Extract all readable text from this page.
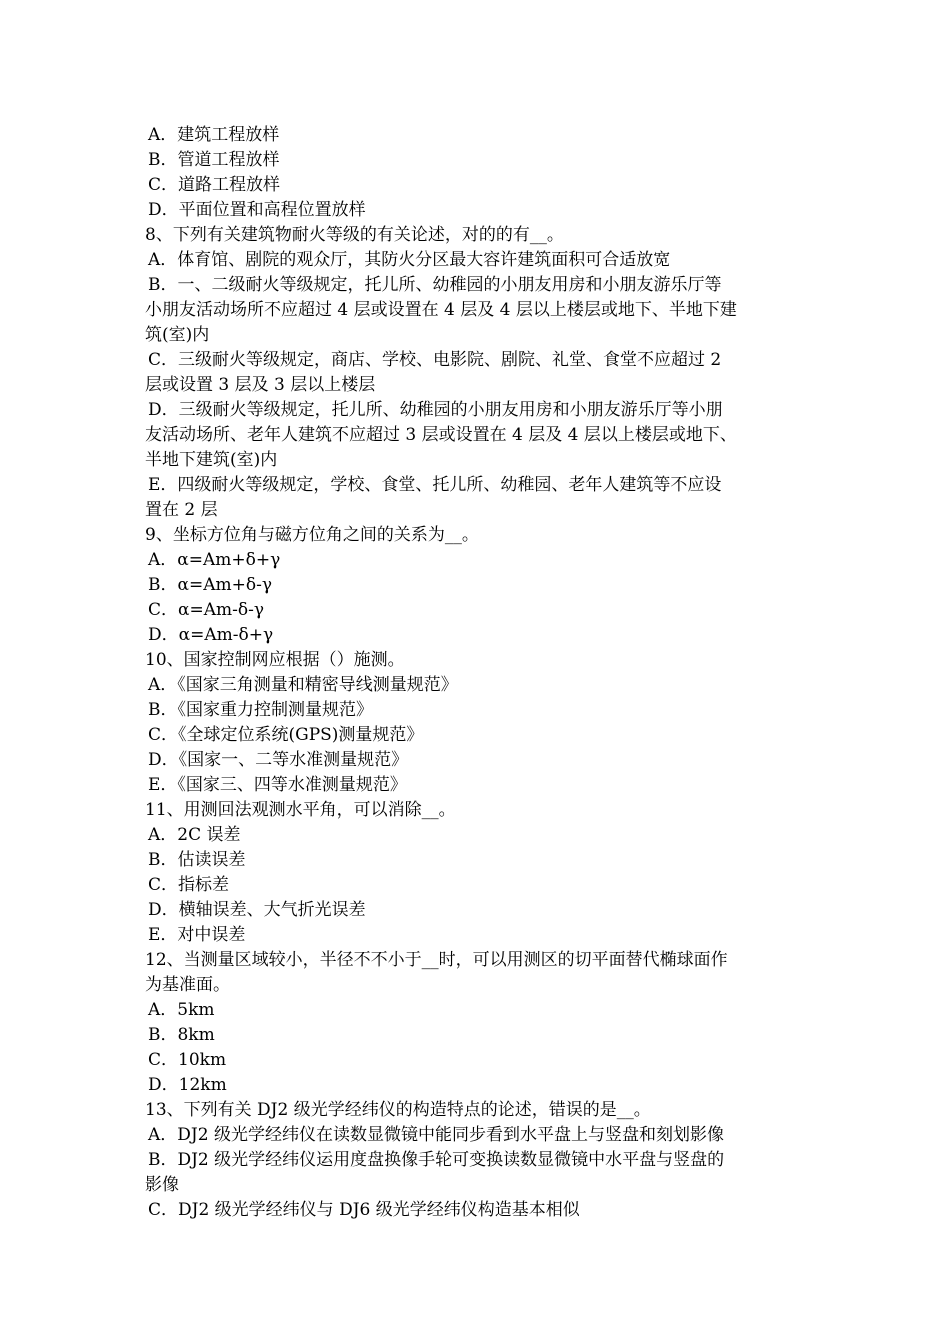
A．建筑工程放样
B．管道工程放样
C．道路工程放样
D．平面位置和高程位置放样
8、下列有关建筑物耐火等级的有关论述，对的的有__。
A．体育馆、剧院的观众厅，其防火分区最大容许建筑面积可合适放宽
B．一、二级耐火等级规定，托儿所、幼稚园的小朋友用房和小朋友游乐厅等
小朋友活动场所不应超过 4 层或设置在 4 层及 4 层以上楼层或地下、半地下建
筑(室)内
C．三级耐火等级规定，商店、学校、电影院、剧院、礼堂、食堂不应超过 2
层或设置 3 层及 3 层以上楼层
D．三级耐火等级规定，托儿所、幼稚园的小朋友用房和小朋友游乐厅等小朋
友活动场所、老年人建筑不应超过 3 层或设置在 4 层及 4 层以上楼层或地下、
半地下建筑(室)内
E．四级耐火等级规定，学校、食堂、托儿所、幼稚园、老年人建筑等不应设
置在 2 层
9、坐标方位角与磁方位角之间的关系为__。
A．α=Am+δ+γ
B．α=Am+δ-γ
C．α=Am-δ-γ
D．α=Am-δ+γ
10、国家控制网应根据（）施测。
A．《国家三角测量和精密导线测量规范》
B．《国家重力控制测量规范》
C．《全球定位系统(GPS)测量规范》
D．《国家一、二等水准测量规范》
E．《国家三、四等水准测量规范》
11、用测回法观测水平角，可以消除__。
A．2C 误差
B．估读误差
C．指标差
D．横轴误差、大气折光误差
E．对中误差
12、当测量区域较小，半径不不小于__时，可以用测区的切平面替代椭球面作
为基准面。
A．5km
B．8km
C．10km
D．12km
13、下列有关 DJ2 级光学经纬仪的构造特点的论述，错误的是__。
A．DJ2 级光学经纬仪在读数显微镜中能同步看到水平盘上与竖盘和刻划影像
B．DJ2 级光学经纬仪运用度盘换像手轮可变换读数显微镜中水平盘与竖盘的
影像
C．DJ2 级光学经纬仪与 DJ6 级光学经纬仪构造基本相似
